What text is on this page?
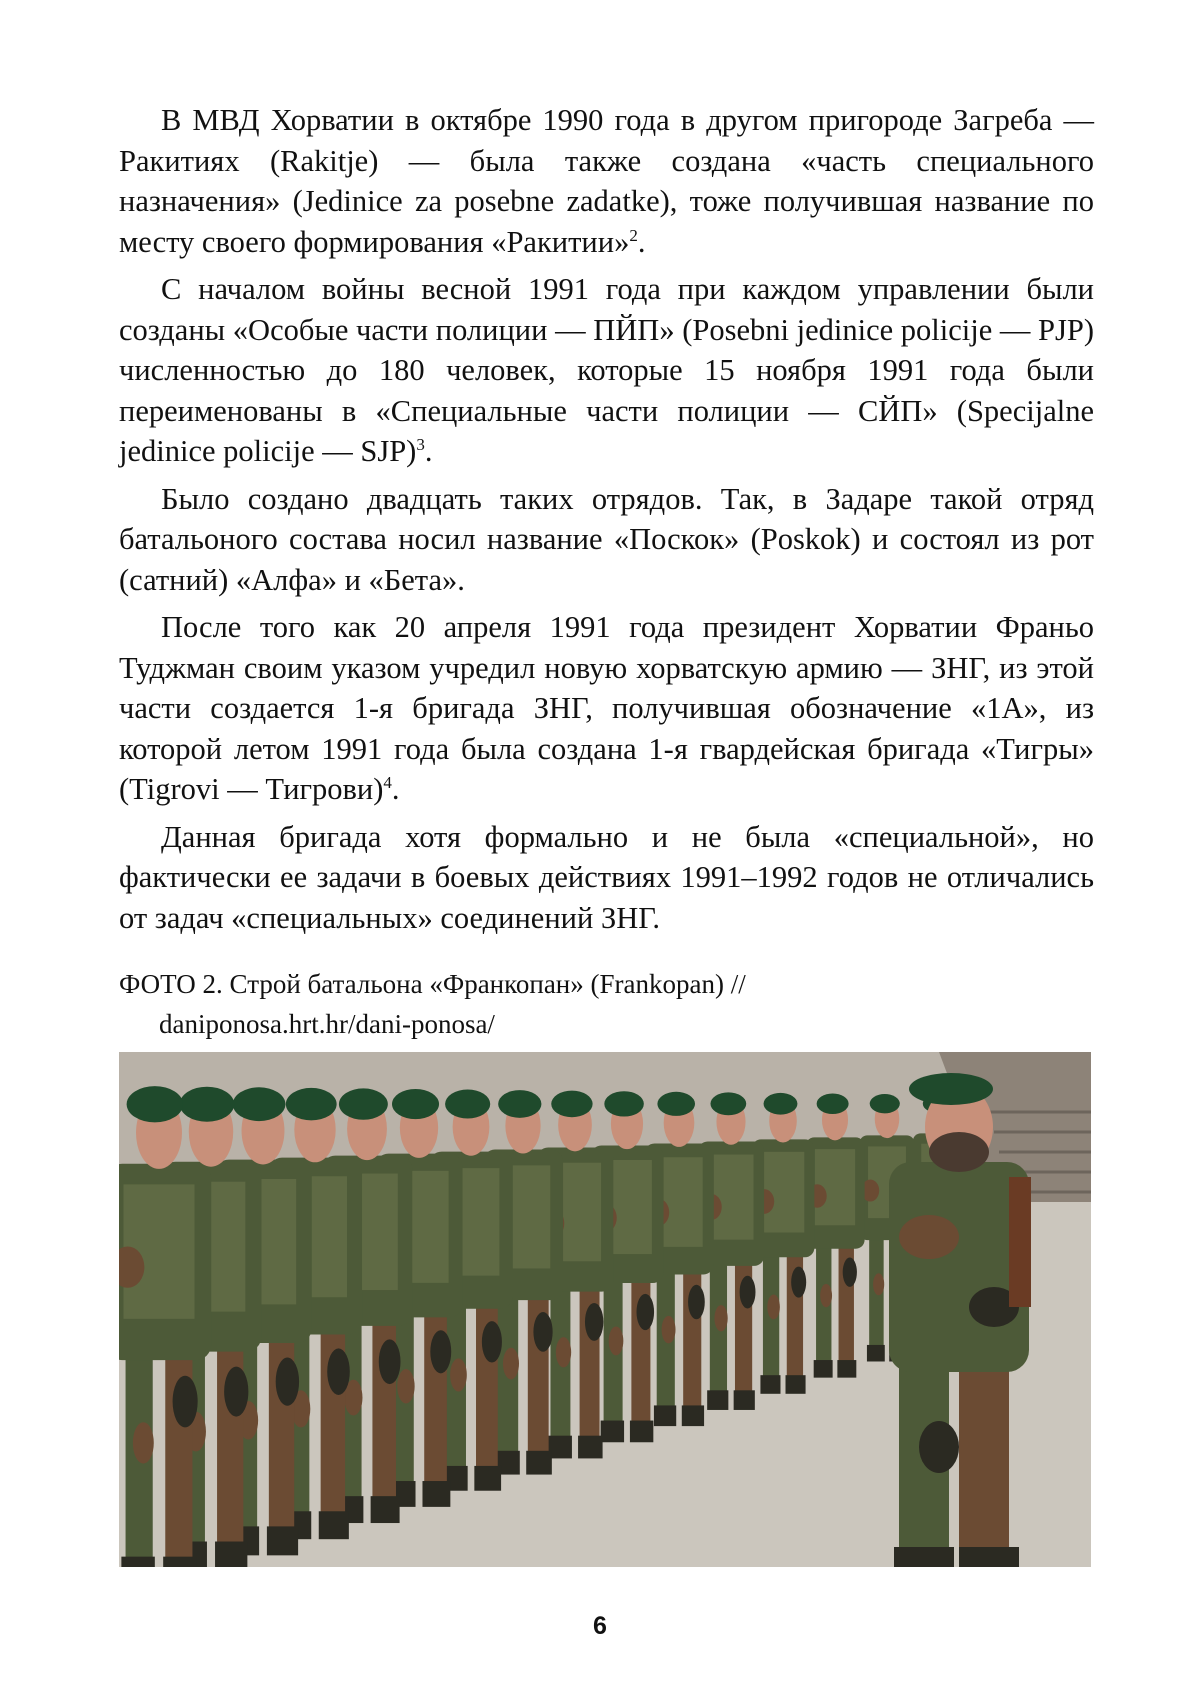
В МВД Хорватии в октябре 1990 года в другом пригороде Загреба — Ракитиях (Rakitje) — была также создана «часть специального назначения» (Jedinice za posebne zadatke), тоже получившая название по месту своего формирования «Ракитии»$^2$.

С началом войны весной 1991 года при каждом управлении были созданы «Особые части полиции — ПЙП» (Posebni jedinice policije — PJP) численностью до 180 человек, которые 15 ноября 1991 года были переименованы в «Специальные части полиции — СЙП» (Specijalne jedinice policije — SJP)$^3$.

Было создано двадцать таких отрядов. Так, в Задаре такой отряд батальоного состава носил название «Поскок» (Poskok) и состоял из рот (сатний) «Алфа» и «Бета».

После того как 20 апреля 1991 года президент Хорватии Франьо Туджман своим указом учредил новую хорватскую армию — ЗНГ, из этой части создается 1-я бригада ЗНГ, получившая обозначение «1А», из которой летом 1991 года была создана 1-я гвардейская бригада «Тигры» (Tigrovi — Тигрови)$^4$.

Данная бригада хотя формально и не была «специальной», но фактически ее задачи в боевых действиях 1991–1992 годов не отличались от задач «специальных» соединений ЗНГ.

ФОТО 2. Строй батальона «Франкопан» (Frankopan) //
daniponosa.hrt.hr/dani-ponosa/
6
